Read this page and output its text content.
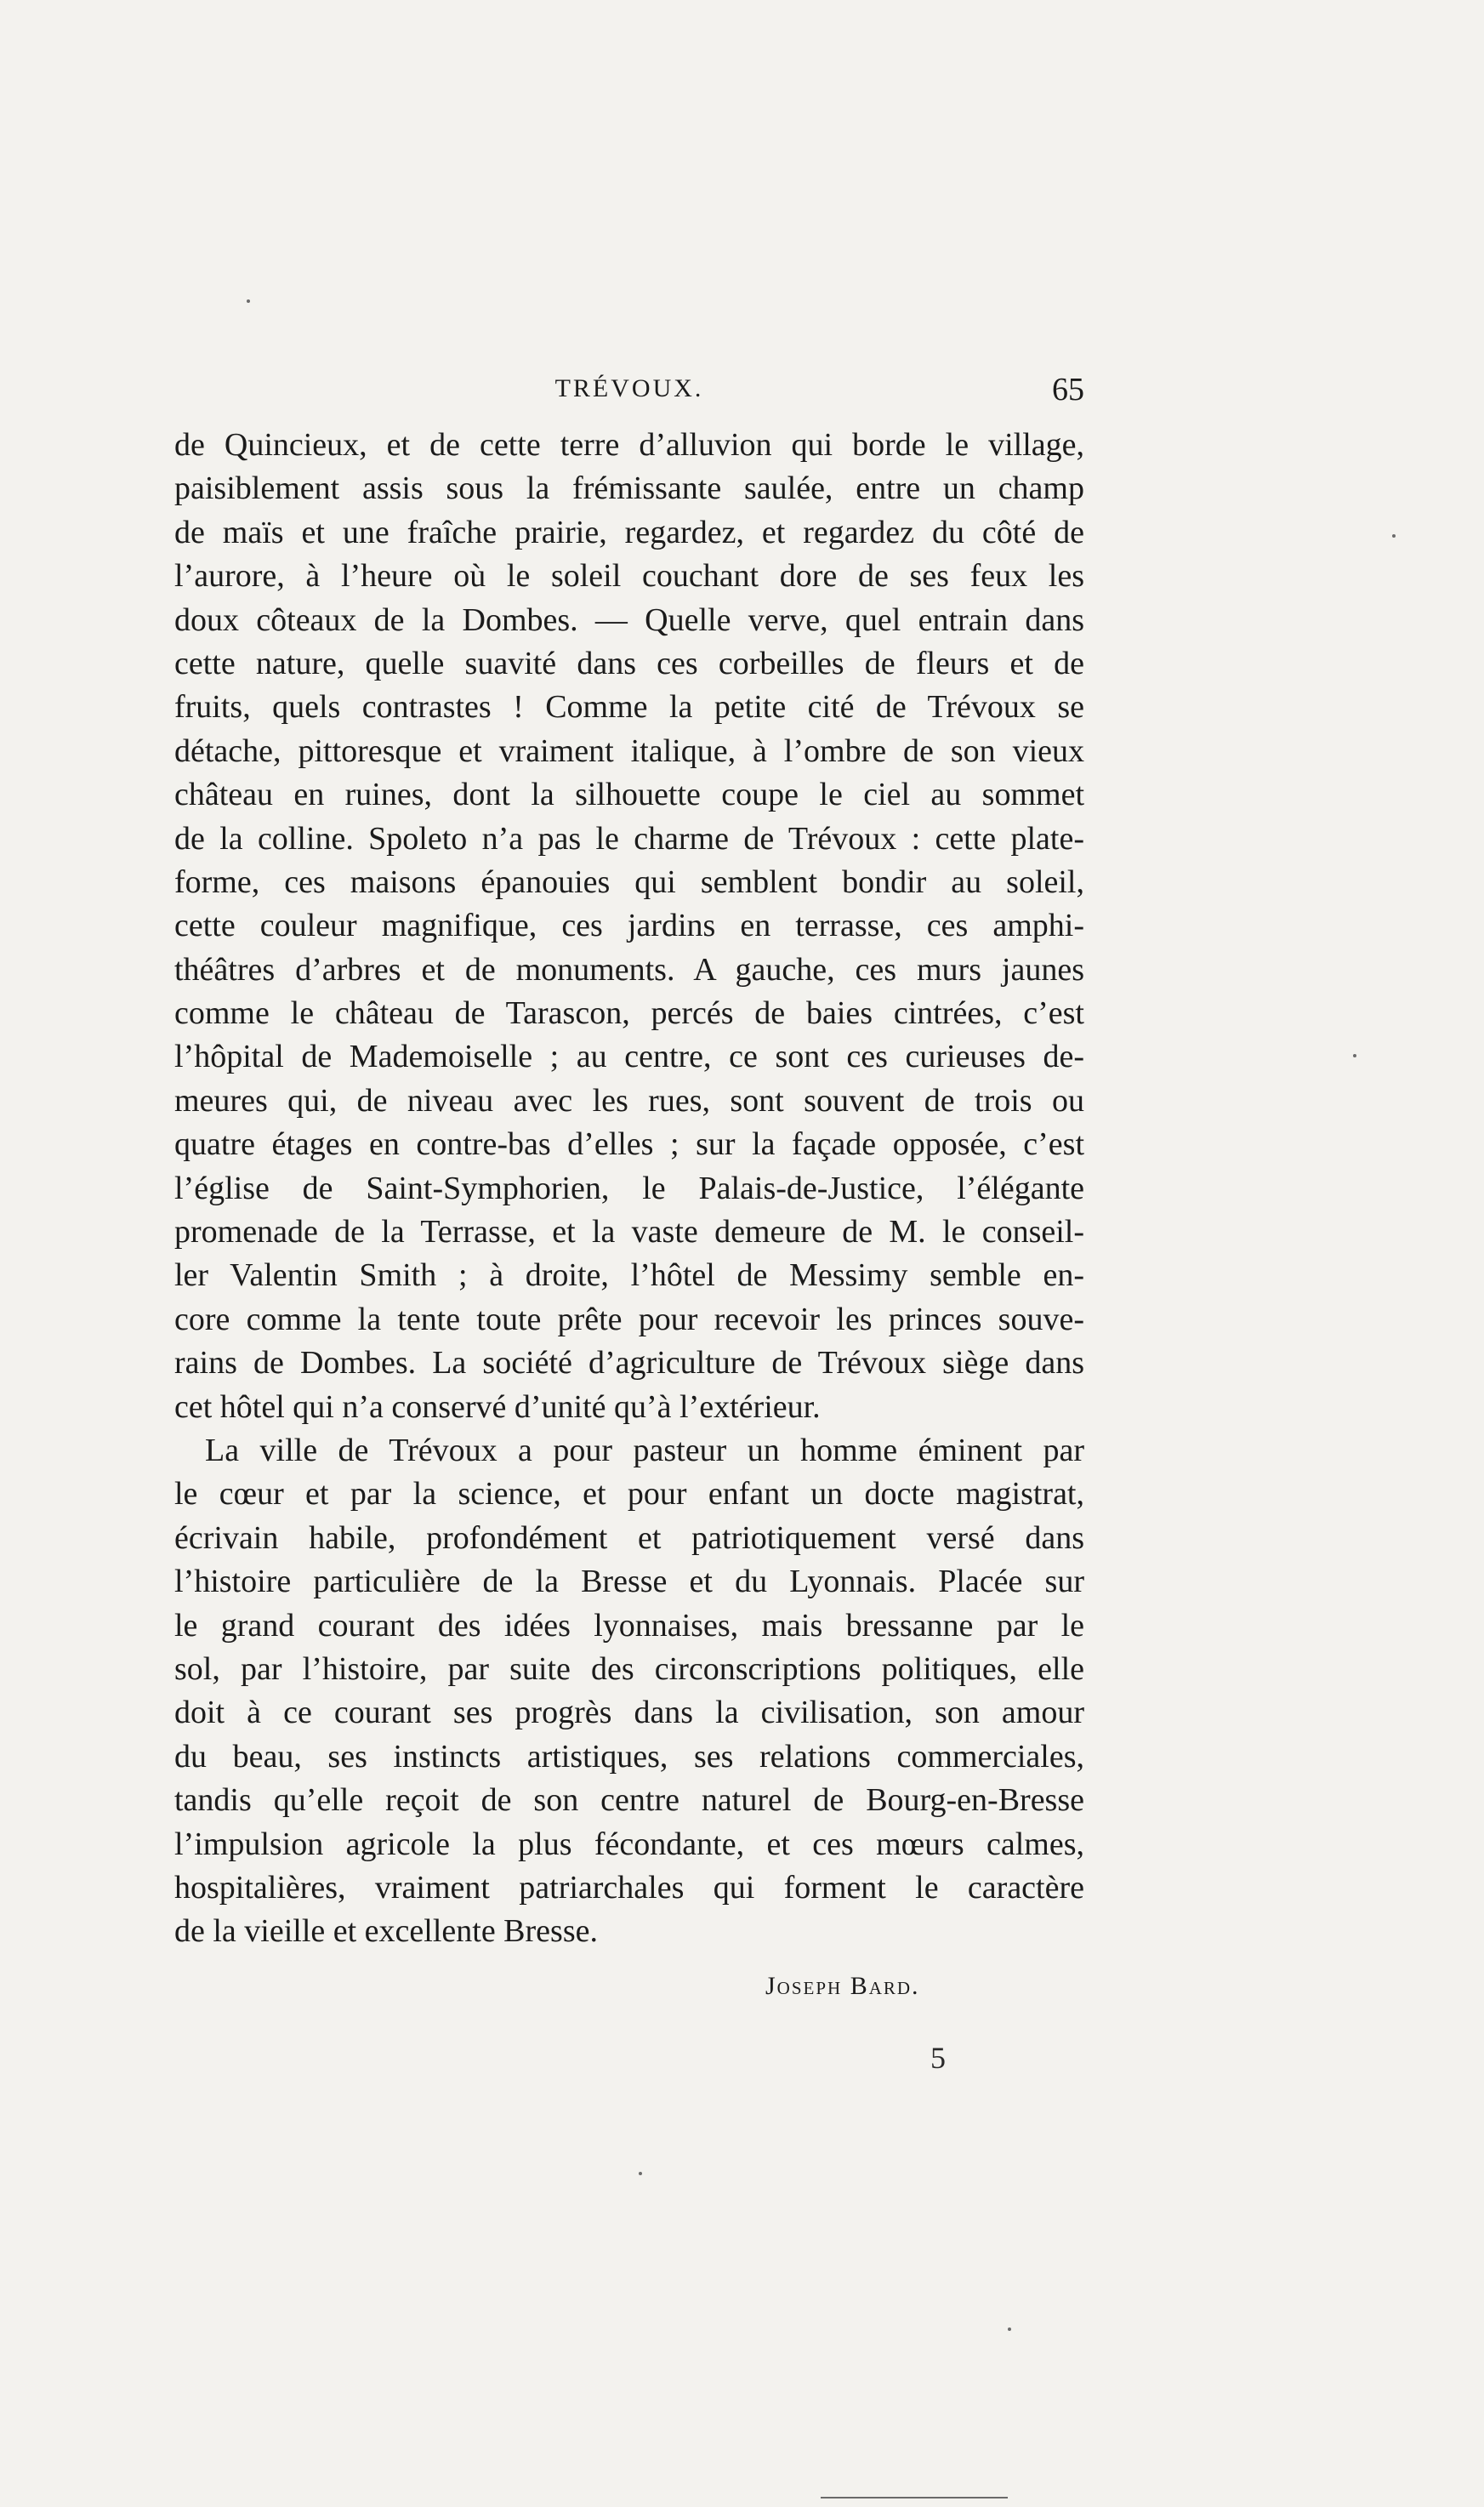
TRÉVOUX.	65
de Quincieux, et de cette terre d’alluvion qui borde le village,
paisiblement assis sous la frémissante saulée, entre un champ
de maïs et une fraîche prairie, regardez, et regardez du côté de
l’aurore, à l’heure où le soleil couchant dore de ses feux les
doux côteaux de la Dombes. — Quelle verve, quel entrain dans
cette nature, quelle suavité dans ces corbeilles de fleurs et de
fruits, quels contrastes ! Comme la petite cité de Trévoux se
détache, pittoresque et vraiment italique, à l’ombre de son vieux
château en ruines, dont la silhouette coupe le ciel au sommet
de la colline. Spoleto n’a pas le charme de Trévoux : cette plate-
forme, ces maisons épanouies qui semblent bondir au soleil,
cette couleur magnifique, ces jardins en terrasse, ces amphi-
théâtres d’arbres et de monuments. A gauche, ces murs jaunes
comme le château de Tarascon, percés de baies cintrées, c’est
l’hôpital de Mademoiselle ; au centre, ce sont ces curieuses de-
meures qui, de niveau avec les rues, sont souvent de trois ou
quatre étages en contre-bas d’elles ; sur la façade opposée, c’est
l’église de Saint-Symphorien, le Palais-de-Justice, l’élégante
promenade de la Terrasse, et la vaste demeure de M. le conseil-
ler Valentin Smith ; à droite, l’hôtel de Messimy semble en-
core comme la tente toute prête pour recevoir les princes souve-
rains de Dombes. La société d’agriculture de Trévoux siège dans
cet hôtel qui n’a conservé d’unité qu’à l’extérieur.
La ville de Trévoux a pour pasteur un homme éminent par
le cœur et par la science, et pour enfant un docte magistrat,
écrivain habile, profondément et patriotiquement versé dans
l’histoire particulière de la Bresse et du Lyonnais. Placée sur
le grand courant des idées lyonnaises, mais bressanne par le
sol, par l’histoire, par suite des circonscriptions politiques, elle
doit à ce courant ses progrès dans la civilisation, son amour
du beau, ses instincts artistiques, ses relations commerciales,
tandis qu’elle reçoit de son centre naturel de Bourg-en-Bresse
l’impulsion agricole la plus fécondante, et ces mœurs calmes,
hospitalières, vraiment patriarchales qui forment le caractère
de la vieille et excellente Bresse.
Joseph Bard.
5
